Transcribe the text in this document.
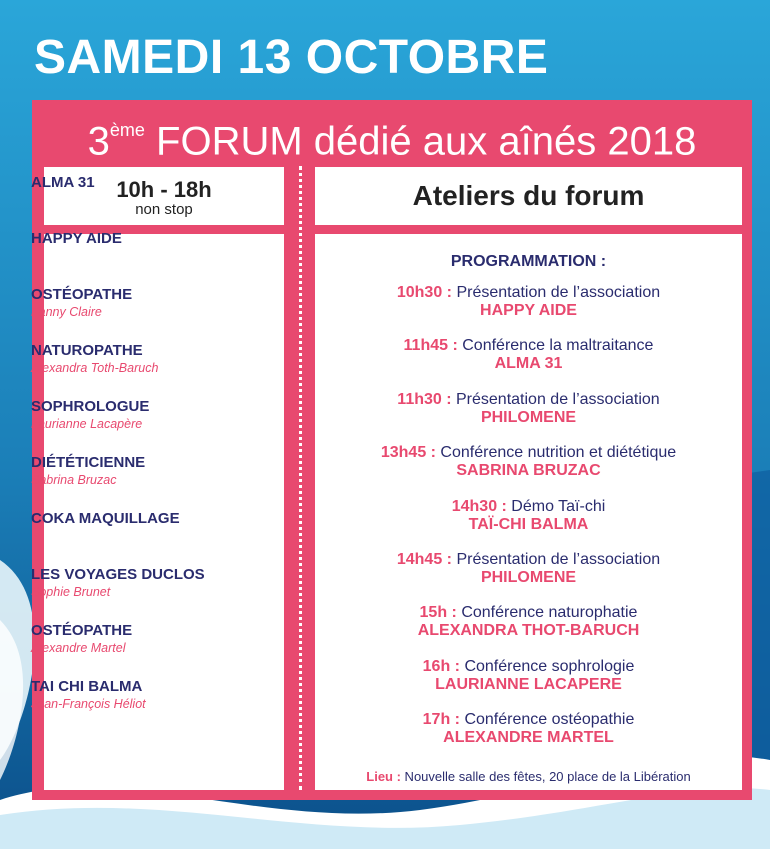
SAMEDI 13 OCTOBRE
3ème FORUM dédié aux aînés 2018
10h - 18h
non stop	Ateliers du forum
PROGRAMMATION :
10h30 : Présentation de l’association
HAPPY AIDE
11h45 : Conférence la maltraitance
ALMA 31
11h30 : Présentation de l’association
PHILOMENE
13h45 : Conférence nutrition et diététique
SABRINA BRUZAC
14h30 : Démo Taï-chi
TAÏ-CHI BALMA
14h45 : Présentation de l’association
PHILOMENE
15h : Conférence naturophatie
ALEXANDRA THOT-BARUCH
16h : Conférence sophrologie
LAURIANNE LACAPERE
17h : Conférence ostéopathie
ALEXANDRE MARTEL
Lieu : Nouvelle salle des fêtes, 20 place de la Libération
ALMA 31
HAPPY AIDE
OSTÉOPATHE
Fanny Claire
NATUROPATHE
Alexandra Toth-Baruch
SOPHROLOGUE
Laurianne Lacapère
DIÉTÉTICIENNE
Sabrina Bruzac
COKA MAQUILLAGE
LES VOYAGES DUCLOS
Sophie Brunet
OSTÉOPATHE
Alexandre Martel
TAI CHI BALMA
Jean-François Héliot
